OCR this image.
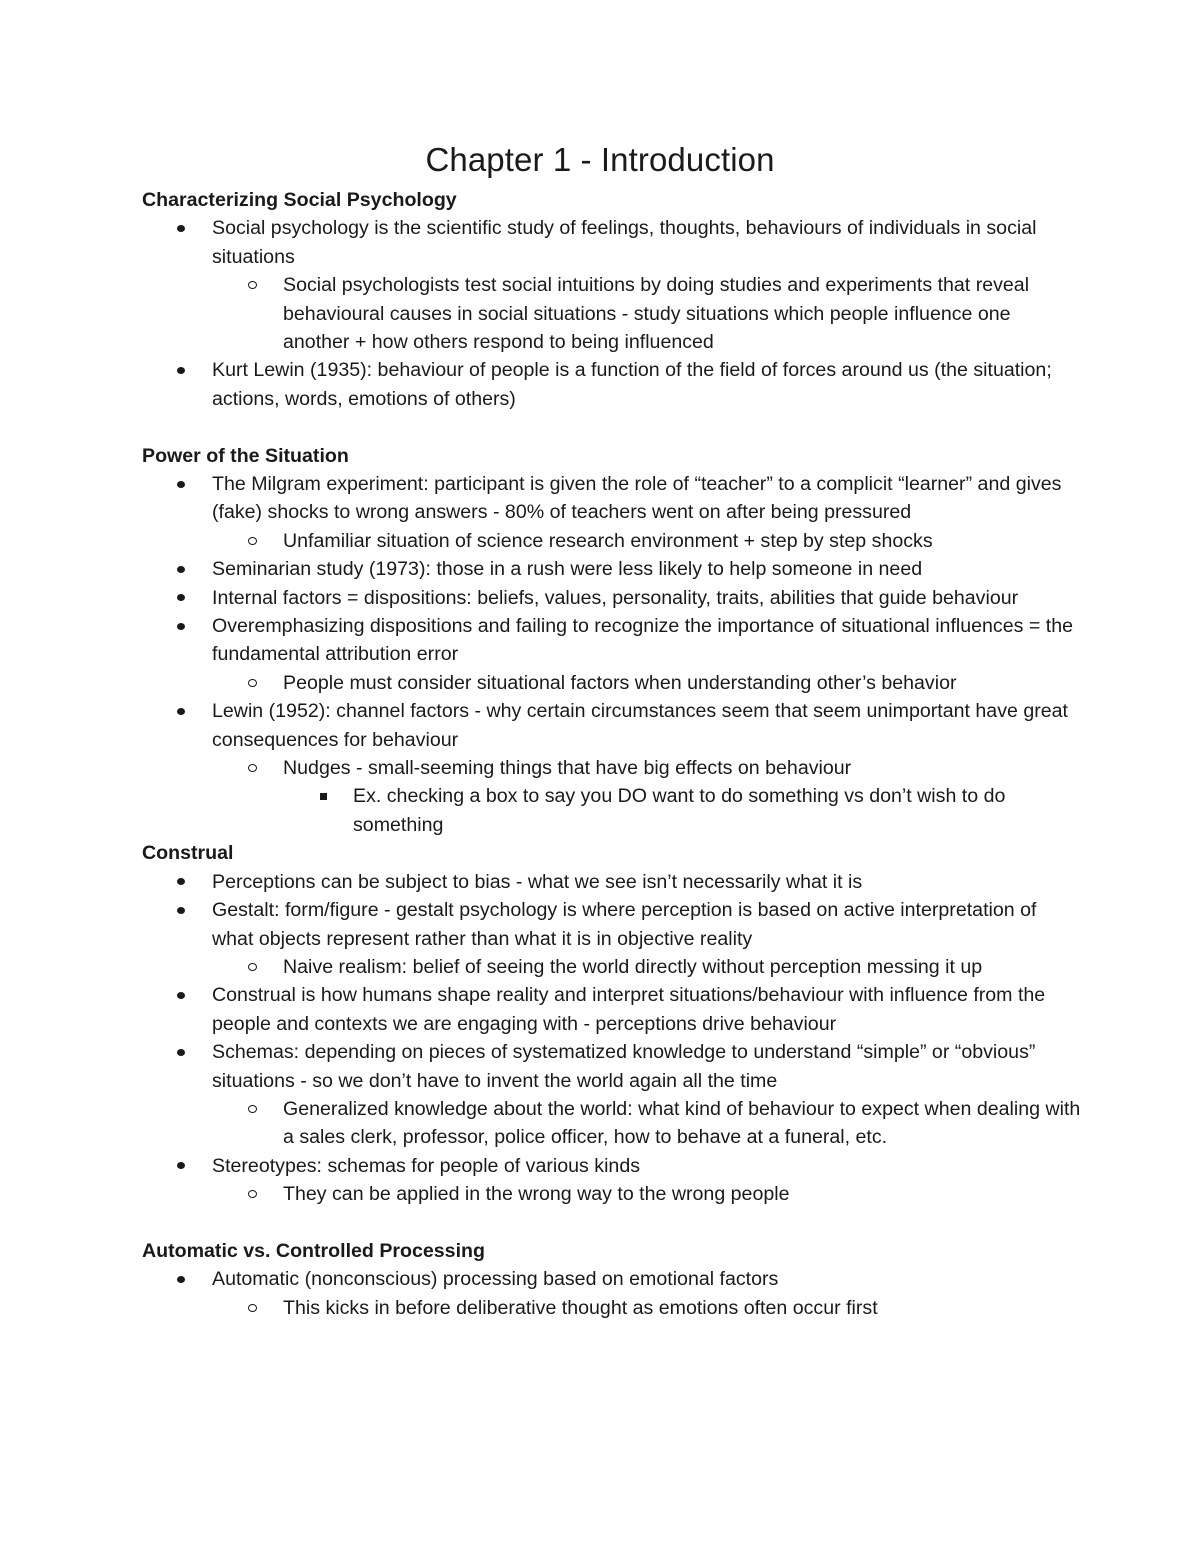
Chapter 1 - Introduction
Characterizing Social Psychology
Social psychology is the scientific study of feelings, thoughts, behaviours of individuals in social situations
Social psychologists test social intuitions by doing studies and experiments that reveal behavioural causes in social situations - study situations which people influence one another + how others respond to being influenced
Kurt Lewin (1935): behaviour of people is a function of the field of forces around us (the situation; actions, words, emotions of others)
Power of the Situation
The Milgram experiment: participant is given the role of “teacher” to a complicit “learner” and gives (fake) shocks to wrong answers - 80% of teachers went on after being pressured
Unfamiliar situation of science research environment + step by step shocks
Seminarian study (1973): those in a rush were less likely to help someone in need
Internal factors = dispositions: beliefs, values, personality, traits, abilities that guide behaviour
Overemphasizing dispositions and failing to recognize the importance of situational influences = the fundamental attribution error
People must consider situational factors when understanding other’s behavior
Lewin (1952): channel factors - why certain circumstances seem that seem unimportant have great consequences for behaviour
Nudges - small-seeming things that have big effects on behaviour
Ex. checking a box to say you DO want to do something vs don’t wish to do something
Construal
Perceptions can be subject to bias - what we see isn’t necessarily what it is
Gestalt: form/figure - gestalt psychology is where perception is based on active interpretation of what objects represent rather than what it is in objective reality
Naive realism: belief of seeing the world directly without perception messing it up
Construal is how humans shape reality and interpret situations/behaviour with influence from the people and contexts we are engaging with - perceptions drive behaviour
Schemas: depending on pieces of systematized knowledge to understand “simple” or “obvious” situations - so we don’t have to invent the world again all the time
Generalized knowledge about the world: what kind of behaviour to expect when dealing with a sales clerk, professor, police officer, how to behave at a funeral, etc.
Stereotypes: schemas for people of various kinds
They can be applied in the wrong way to the wrong people
Automatic vs. Controlled Processing
Automatic (nonconscious) processing based on emotional factors
This kicks in before deliberative thought as emotions often occur first
